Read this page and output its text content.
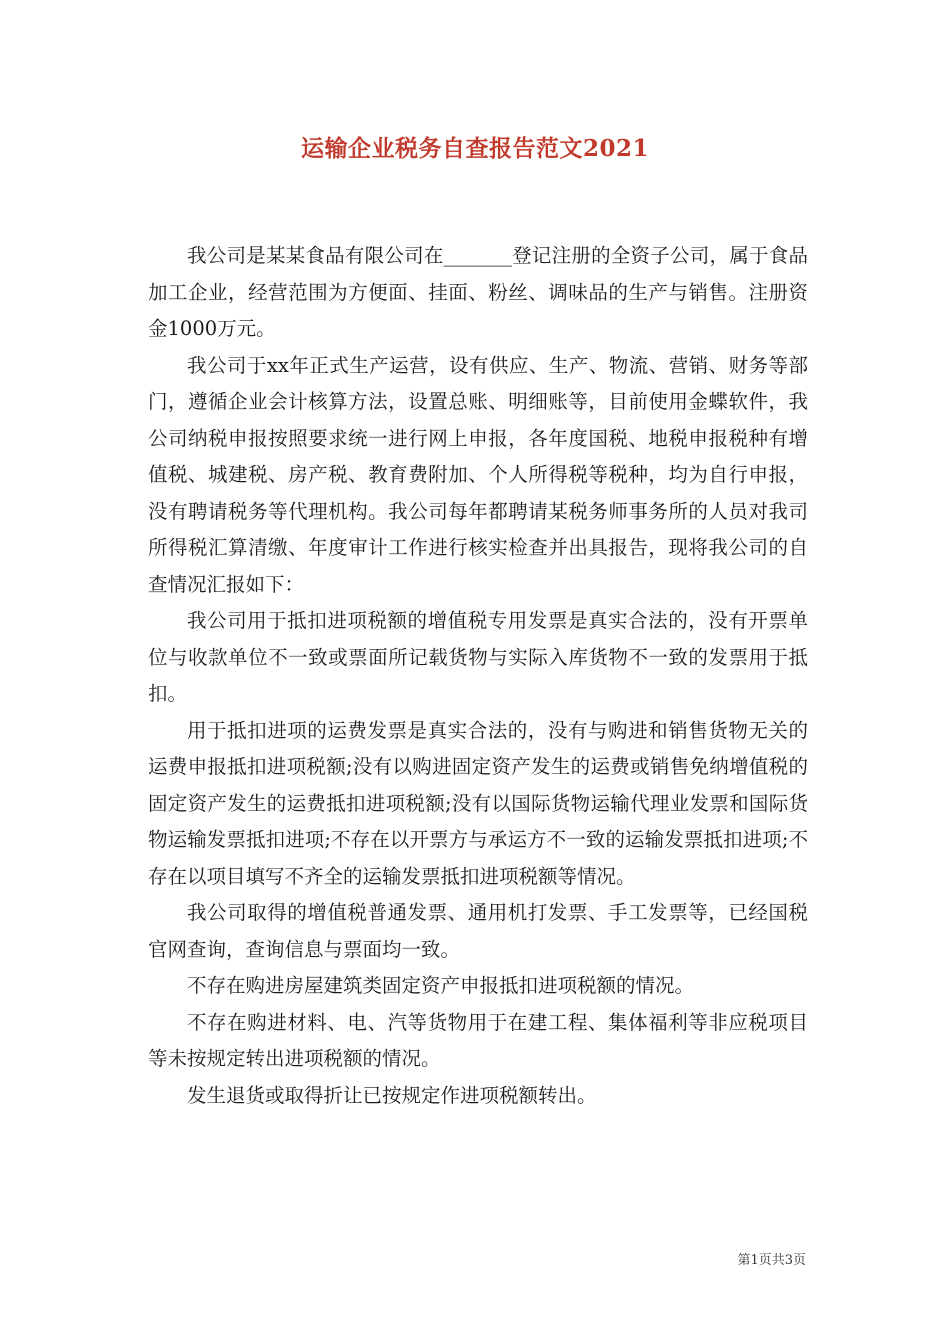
运输企业税务自查报告范文2021

我公司是某某食品有限公司在_______登记注册的全资子公司，属于食品加工企业，经营范围为方便面、挂面、粉丝、调味品的生产与销售。注册资金1000万元。

我公司于xx年正式生产运营，设有供应、生产、物流、营销、财务等部门，遵循企业会计核算方法，设置总账、明细账等，目前使用金蝶软件，我公司纳税申报按照要求统一进行网上申报，各年度国税、地税申报税种有增值税、城建税、房产税、教育费附加、个人所得税等税种，均为自行申报，没有聘请税务等代理机构。我公司每年都聘请某税务师事务所的人员对我司所得税汇算清缴、年度审计工作进行核实检查并出具报告，现将我公司的自查情况汇报如下：

我公司用于抵扣进项税额的增值税专用发票是真实合法的，没有开票单位与收款单位不一致或票面所记载货物与实际入库货物不一致的发票用于抵扣。

用于抵扣进项的运费发票是真实合法的，没有与购进和销售货物无关的运费申报抵扣进项税额;没有以购进固定资产发生的运费或销售免纳增值税的固定资产发生的运费抵扣进项税额;没有以国际货物运输代理业发票和国际货物运输发票抵扣进项;不存在以开票方与承运方不一致的运输发票抵扣进项;不存在以项目填写不齐全的运输发票抵扣进项税额等情况。

我公司取得的增值税普通发票、通用机打发票、手工发票等，已经国税官网查询，查询信息与票面均一致。

不存在购进房屋建筑类固定资产申报抵扣进项税额的情况。

不存在购进材料、电、汽等货物用于在建工程、集体福利等非应税项目等未按规定转出进项税额的情况。

发生退货或取得折让已按规定作进项税额转出。

第1页共3页
